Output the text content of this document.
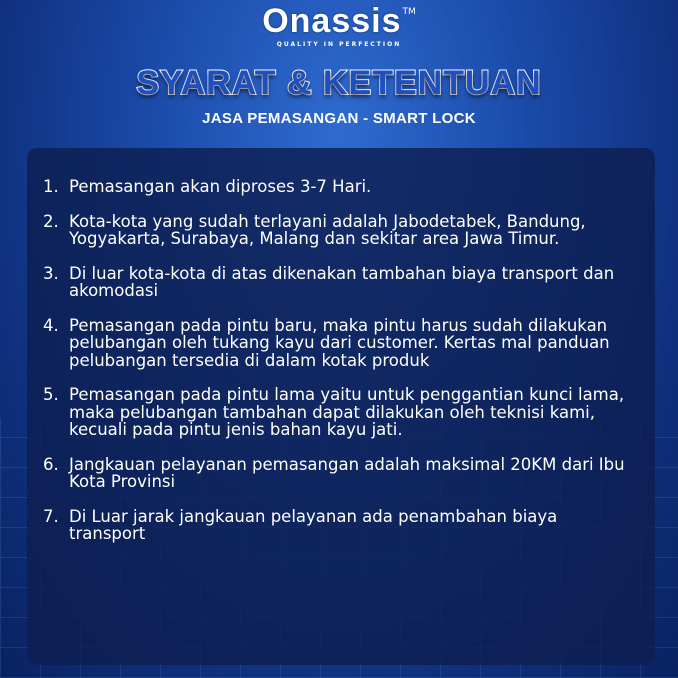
OnassisTM
QUALITY IN PERFECTION
SYARAT & KETENTUAN
JASA PEMASANGAN - SMART LOCK
1. Pemasangan akan diproses 3-7 Hari.
2. Kota-kota yang sudah terlayani adalah Jabodetabek, Bandung, Yogyakarta, Surabaya, Malang dan sekitar area Jawa Timur.
3. Di luar kota-kota di atas dikenakan tambahan biaya transport dan akomodasi
4. Pemasangan pada pintu baru, maka pintu harus sudah dilakukan pelubangan oleh tukang kayu dari customer. Kertas mal panduan pelubangan tersedia di dalam kotak produk
5. Pemasangan pada pintu lama yaitu untuk penggantian kunci lama, maka pelubangan tambahan dapat dilakukan oleh teknisi kami, kecuali pada pintu jenis bahan kayu jati.
6. Jangkauan pelayanan pemasangan adalah maksimal 20KM dari Ibu Kota Provinsi
7. Di Luar jarak jangkauan pelayanan ada penambahan biaya transport
